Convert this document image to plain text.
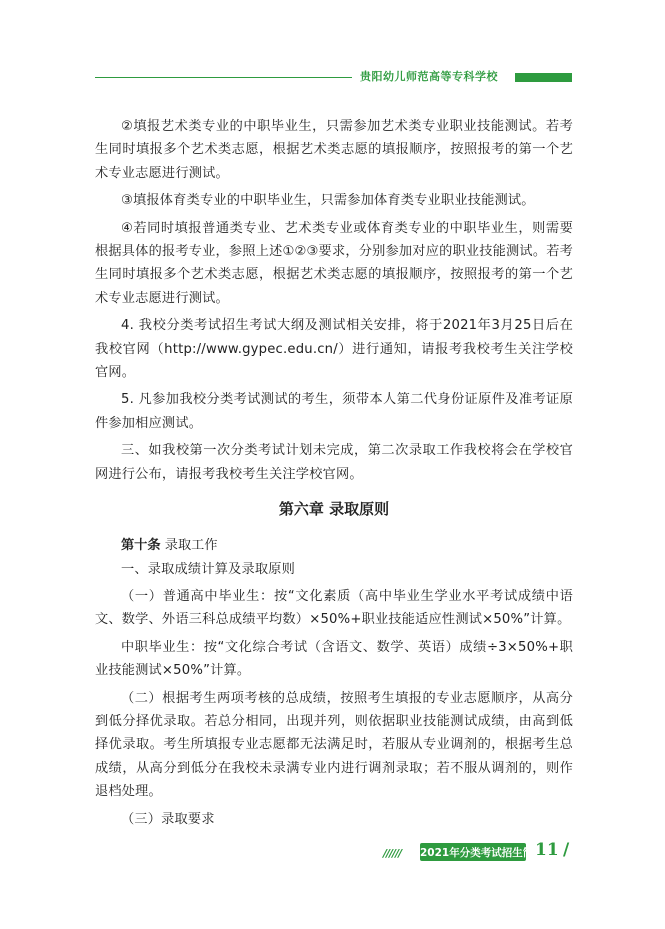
贵阳幼儿师范高等专科学校

②填报艺术类专业的中职毕业生，只需参加艺术类专业职业技能测试。若考生同时填报多个艺术类志愿，根据艺术类志愿的填报顺序，按照报考的第一个艺术专业志愿进行测试。

③填报体育类专业的中职毕业生，只需参加体育类专业职业技能测试。

④若同时填报普通类专业、艺术类专业或体育类专业的中职毕业生，则需要根据具体的报考专业，参照上述①②③要求，分别参加对应的职业技能测试。若考生同时填报多个艺术类志愿，根据艺术类志愿的填报顺序，按照报考的第一个艺术专业志愿进行测试。

4. 我校分类考试招生考试大纲及测试相关安排，将于2021年3月25日后在我校官网（http://www.gypec.edu.cn/）进行通知，请报考我校考生关注学校官网。

5. 凡参加我校分类考试测试的考生，须带本人第二代身份证原件及准考证原件参加相应测试。

三、如我校第一次分类考试计划未完成，第二次录取工作我校将会在学校官网进行公布，请报考我校考生关注学校官网。

第六章 录取原则

第十条 录取工作

一、录取成绩计算及录取原则

（一）普通高中毕业生：按“文化素质（高中毕业生学业水平考试成绩中语文、数学、外语三科总成绩平均数）×50%+职业技能适应性测试×50%”计算。

中职毕业生：按“文化综合考试（含语文、数学、英语）成绩÷3×50%+职业技能测试×50%”计算。

（二）根据考生两项考核的总成绩，按照考生填报的专业志愿顺序，从高分到低分择优录取。若总分相同，出现并列，则依据职业技能测试成绩，由高到低择优录取。考生所填报专业志愿都无法满足时，若服从专业调剂的，根据考生总成绩，从高分到低分在我校未录满专业内进行调剂录取；若不服从调剂的，则作退档处理。

（三）录取要求

////// 2021年分类考试招生简章
11 /
